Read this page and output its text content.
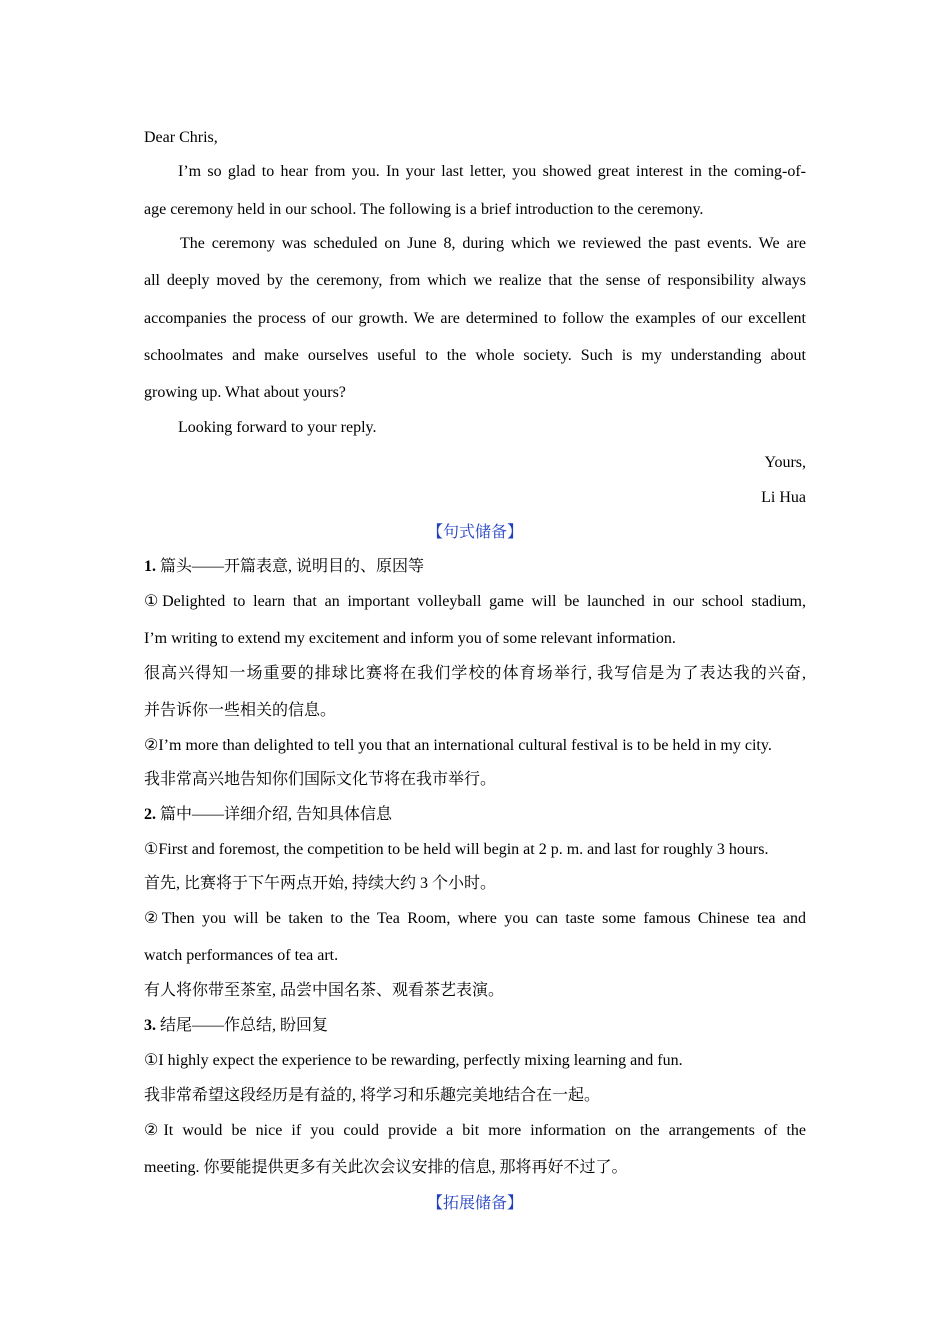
Dear Chris,
I’m so glad to hear from you. In your last letter, you showed great interest in the coming-of-
age ceremony held in our school. The following is a brief introduction to the ceremony.
The ceremony was scheduled on June 8, during which we reviewed the past events. We are
all deeply moved by the ceremony, from which we realize that the sense of responsibility always
accompanies the process of our growth. We are determined to follow the examples of our excellent
schoolmates and make ourselves useful to the whole society. Such is my understanding about
growing up. What about yours?
Looking forward to your reply.
Yours,
Li Hua
【句式储备】
1. 篇头——开篇表意, 说明目的、原因等
①Delighted to learn that an important volleyball game will be launched in our school stadium,
I’m writing to extend my excitement and inform you of some relevant information.
很高兴得知一场重要的排球比赛将在我们学校的体育场举行, 我写信是为了表达我的兴奋,
并告诉你一些相关的信息。
②I’m more than delighted to tell you that an international cultural festival is to be held in my city.
我非常高兴地告知你们国际文化节将在我市举行。
2. 篇中——详细介绍, 告知具体信息
①First and foremost, the competition to be held will begin at 2 p. m. and last for roughly 3 hours.
首先, 比赛将于下午两点开始, 持续大约 3 个小时。
②Then you will be taken to the Tea Room, where you can taste some famous Chinese tea and
watch performances of tea art.
有人将你带至茶室, 品尝中国名茶、观看茶艺表演。
3. 结尾——作总结, 盼回复
①I highly expect the experience to be rewarding, perfectly mixing learning and fun.
我非常希望这段经历是有益的, 将学习和乐趣完美地结合在一起。
②It would be nice if you could provide a bit more information on the arrangements of the
meeting. 你要能提供更多有关此次会议安排的信息, 那将再好不过了。
【拓展储备】
